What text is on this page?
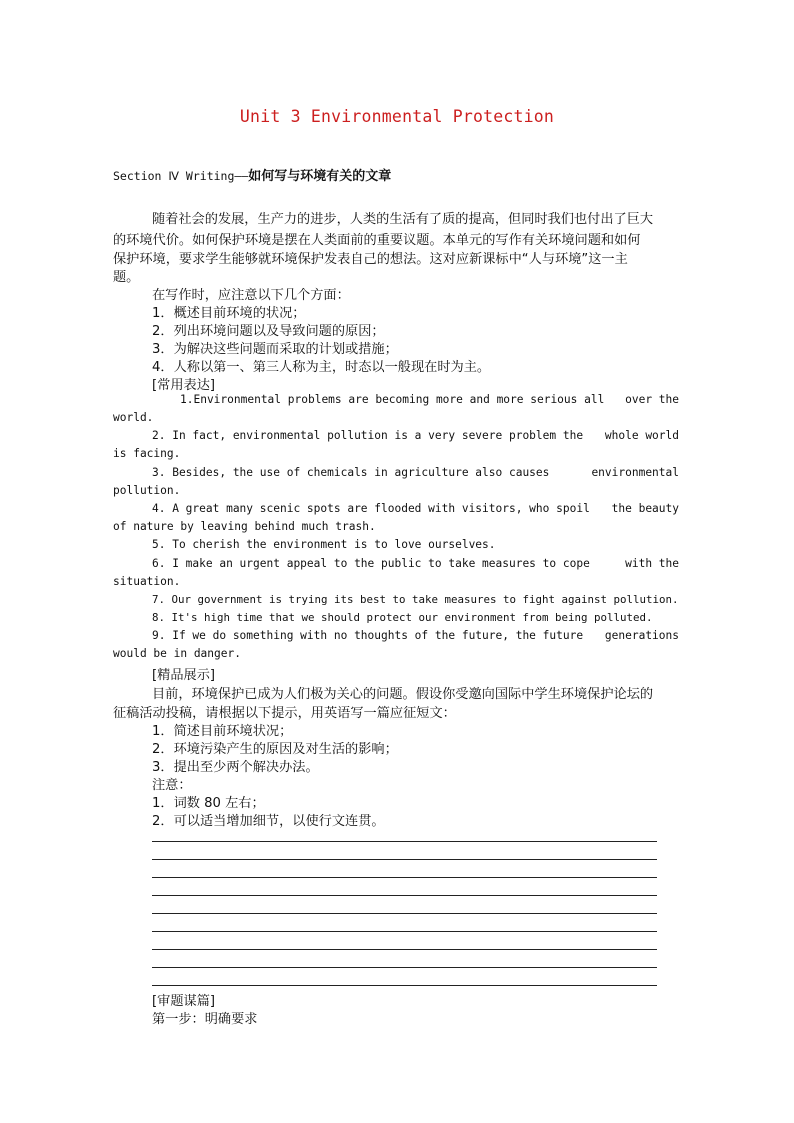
Unit 3 Environmental Protection
Section Ⅳ Writing——如何写与环境有关的文章
随着社会的发展，生产力的进步，人类的生活有了质的提高，但同时我们也付出了巨大
的环境代价。如何保护环境是摆在人类面前的重要议题。本单元的写作有关环境问题和如何
保护环境，要求学生能够就环境保护发表自己的想法。这对应新课标中“人与环境”这一主
题。
在写作时，应注意以下几个方面：
1．概述目前环境的状况；
2．列出环境问题以及导致问题的原因；
3．为解决这些问题而采取的计划或措施；
4．人称以第一、第三人称为主，时态以一般现在时为主。
[常用表达]
1.Environmental problems are becoming more and more serious all over the
world.
2. In fact, environmental pollution is a very severe problem the whole world
is facing.
3. Besides, the use of chemicals in agriculture also causes	environmental
pollution.
4. A great many scenic spots are flooded with visitors, who spoil the beauty
of nature by leaving behind much trash.
5. To cherish the environment is to love ourselves.
6. I make an urgent appeal to the public to take measures to cope	with the
situation.
7. Our government is trying its best to take measures to fight against pollution.
8. It's high time that we should protect our environment from being polluted.
9. If we do something with no thoughts of the future, the future generations
would be in danger.
[精品展示]
目前，环境保护已成为人们极为关心的问题。假设你受邀向国际中学生环境保护论坛的
征稿活动投稿，请根据以下提示，用英语写一篇应征短文：
1．简述目前环境状况；
2．环境污染产生的原因及对生活的影响；
3．提出至少两个解决办法。
注意：
1．词数 80 左右；
2．可以适当增加细节，以使行文连贯。
[审题谋篇]
第一步：明确要求
